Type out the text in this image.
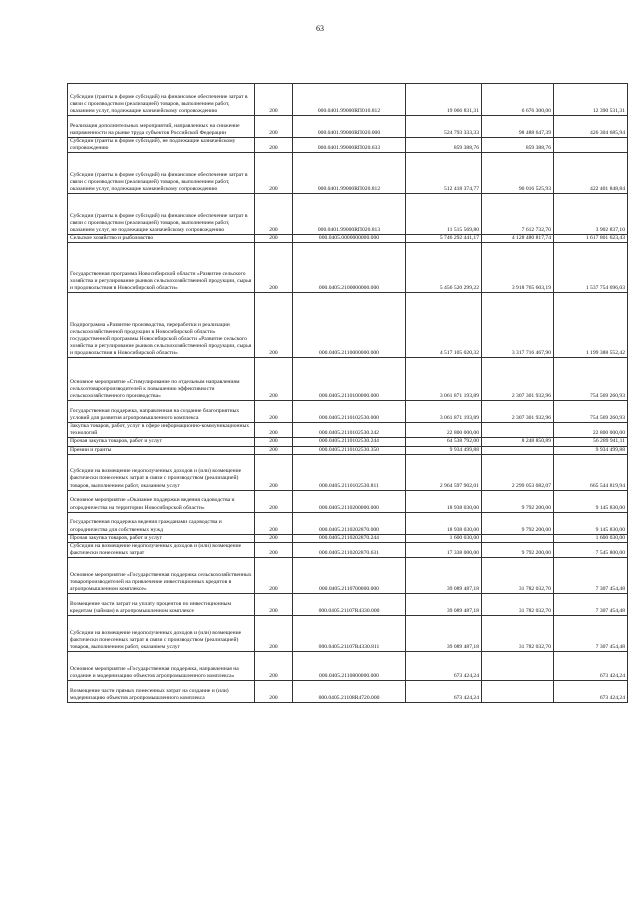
63
Субсидии (гранты в форме субсидий) на финансовое обеспечение затрат в связи с производством (реализацией) товаров, выполнением работ, оказанием услуг, подлежащие казначейскому сопровождению	200	000.0401.99000RП010.812	19 066 831,31	6 676 300,00	12 390 531,31
Реализация дополнительных мероприятий, направленных на снижение напряженности на рынке труда субъектов Российской Федерации	200	000.0401.99000RП020.000	524 793 333,33	98 488 647,39	426 304 685,94
Субсидии (гранты в форме субсидий), не подлежащие казначейскому сопровождению	200	000.0401.99000RП020.633	859 388,76	859 388,76	
Субсидии (гранты в форме субсидий) на финансовое обеспечение затрат в связи с производством (реализацией) товаров, выполнением работ, оказанием услуг, подлежащие казначейскому сопровождению	200	000.0401.99000RП020.812	512 418 374,77	90 016 525,93	422 401 848,84
Субсидии (гранты в форме субсидий) на финансовое обеспечение затрат в связи с производством (реализацией) товаров, выполнением работ, оказанием услуг, не подлежащие казначейскому сопровождению	200	000.0401.99000RП020.813	11 515 569,80	7 612 732,70	3 902 837,10
Сельское хозяйство и рыболовство	200	000.0405.0000000000.000	5 746 292 441,17	4 128 480 817,74	1 617 801 623,43
Государственная программа Новосибирской области «Развитие сельского хозяйства и регулирование рынков сельскохозяйственной продукции, сырья и продовольствия в Новосибирской области»	200	000.0405.2100000000.000	5 456 520 299,22	3 918 765 603,19	1 537 754 696,03
Подпрограмма «Развитие производства, переработки и реализации сельскохозяйственной продукции в Новосибирской области» государственной программы Новосибирской области «Развитие сельского хозяйства и регулирование рынков сельскохозяйственной продукции, сырья и продовольствия в Новосибирской области»	200	000.0405.2110000000.000	4 517 105 020,32	3 317 716 467,90	1 199 388 552,42
Основное мероприятие «Стимулирование по отдельным направлениям сельхозтоваропроизводителей к повышению эффективности сельскохозяйственного производства»	200	000.0405.2110100000.000	3 061 871 193,89	2 307 301 932,96	754 569 260,93
Государственная поддержка, направленная на создание благоприятных условий для развития агропромышленного комплекса	200	000.0405.2110102530.000	3 061 871 193,89	2 307 301 932,96	754 569 260,93
Закупка товаров, работ, услуг в сфере информационно-коммуникационных технологий	200	000.0405.2110102530.242	22 800 000,00		22 800 000,00
Прочая закупка товаров, работ и услуг	200	000.0405.2110102530.244	64 538 792,00	8 248 850,89	56 289 941,11
Премии и гранты	200	000.0405.2110102530.350	9 934 499,88		9 934 499,88
Субсидии на возмещение недополученных доходов и (или) возмещение фактически понесенных затрат в связи с производством (реализацией) товаров, выполнением работ, оказанием услуг	200	000.0405.2110102530.811	2 964 597 902,01	2 299 053 082,07	665 544 819,94
Основное мероприятие «Оказание поддержки ведения садоводства и огородничества на территории Новосибирской области»	200	000.0405.2110200000.000	18 938 030,00	9 792 200,00	9 145 830,00
Государственная поддержка ведения гражданами садоводства и огородничества для собственных нужд	200	000.0405.2110202870.000	18 938 030,00	9 792 200,00	9 145 830,00
Прочая закупка товаров, работ и услуг	200	000.0405.2110202870.244	1 600 030,00		1 600 030,00
Субсидии на возмещение недополученных доходов и (или) возмещение фактически понесенных затрат	200	000.0405.2110202870.631	17 338 000,00	9 792 200,00	7 545 800,00
Основное мероприятие «Государственная поддержка сельскохозяйственных товаропроизводителей на привлечение инвестиционных кредитов в агропромышленном комплексе»	200	000.0405.2110700000.000	39 089 487,18	31 782 032,70	7 307 454,48
Возмещение части затрат на уплату процентов по инвестиционным кредитам (займам) в агропромышленном комплексе	200	000.0405.21107R4330.000	39 089 487,18	31 782 032,70	7 307 454,48
Субсидии на возмещение недополученных доходов и (или) возмещение фактически понесенных затрат в связи с производством (реализацией) товаров, выполнением работ, оказанием услуг	200	000.0405.21107R4330.811	39 089 487,18	31 782 032,70	7 307 454,48
Основное мероприятие «Государственная поддержка, направленная на создание и модернизацию объектов агропромышленного комплекса»	200	000.0405.2110800000.000	673 424,24		673 424,24
Возмещение части прямых понесенных затрат на создание и (или) модернизацию объектов агропромышленного комплекса	200	000.0405.21108R4720.000	673 424,24		673 424,24
